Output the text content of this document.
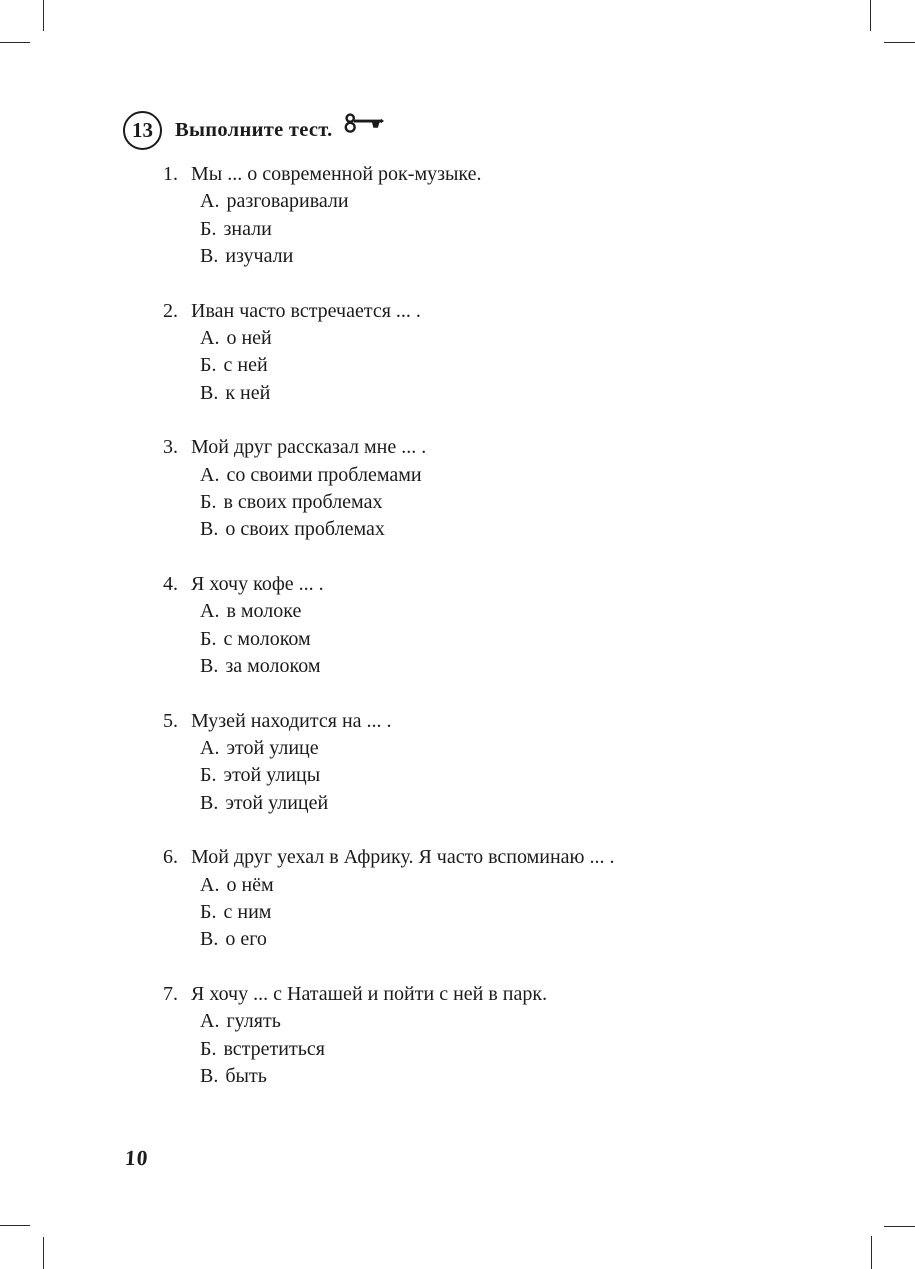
13 Выполните тест.
1. Мы ... о современной рок-музыке.
А. разговаривали
Б. знали
В. изучали
2. Иван часто встречается ... .
А. о ней
Б. с ней
В. к ней
3. Мой друг рассказал мне ... .
А. со своими проблемами
Б. в своих проблемах
В. о своих проблемах
4. Я хочу кофе ... .
А. в молоке
Б. с молоком
В. за молоком
5. Музей находится на ... .
А. этой улице
Б. этой улицы
В. этой улицей
6. Мой друг уехал в Африку. Я часто вспоминаю ... .
А. о нём
Б. с ним
В. о его
7. Я хочу ... с Наташей и пойти с ней в парк.
А. гулять
Б. встретиться
В. быть
10
